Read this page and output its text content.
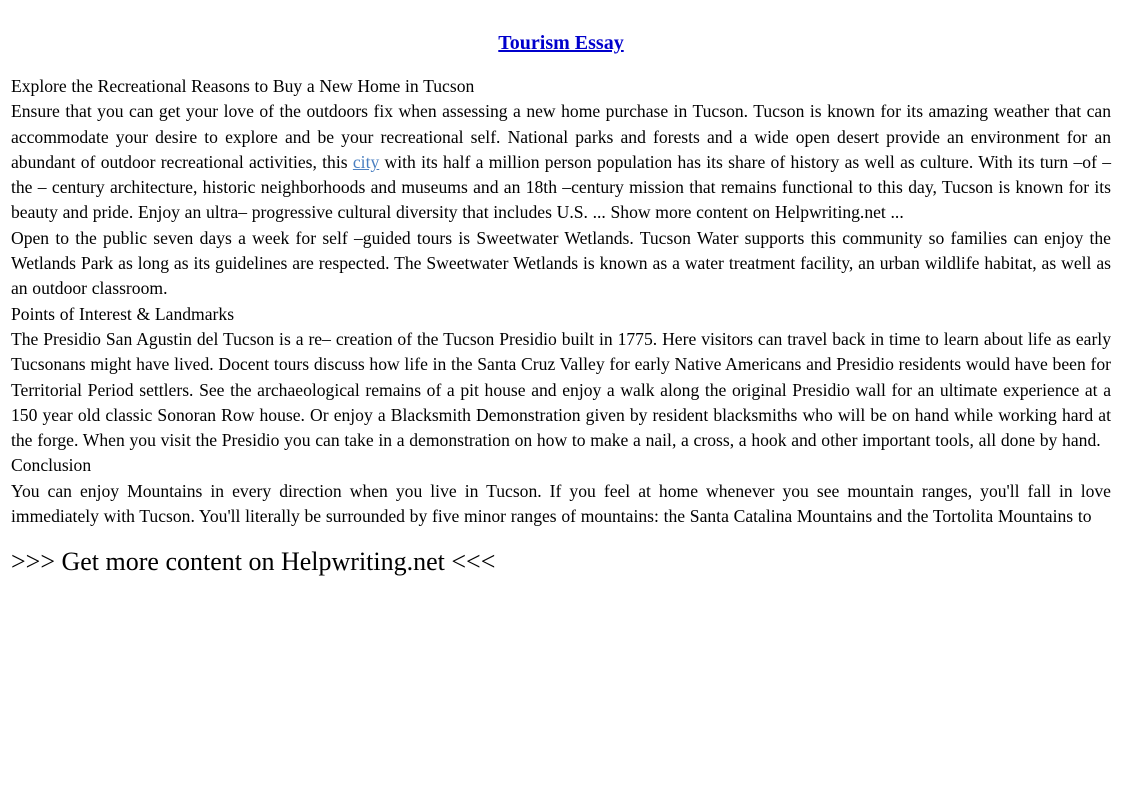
Tourism Essay

Explore the Recreational Reasons to Buy a New Home in Tucson

Ensure that you can get your love of the outdoors fix when assessing a new home purchase in Tucson. Tucson is known for its amazing weather that can accommodate your desire to explore and be your recreational self. National parks and forests and a wide open desert provide an environment for an abundant of outdoor recreational activities, this city with its half a million person population has its share of history as well as culture. With its turn –of –the – century architecture, historic neighborhoods and museums and an 18th –century mission that remains functional to this day, Tucson is known for its beauty and pride. Enjoy an ultra– progressive cultural diversity that includes U.S. ... Show more content on Helpwriting.net ...

Open to the public seven days a week for self –guided tours is Sweetwater Wetlands. Tucson Water supports this community so families can enjoy the Wetlands Park as long as its guidelines are respected. The Sweetwater Wetlands is known as a water treatment facility, an urban wildlife habitat, as well as an outdoor classroom.

Points of Interest & Landmarks

The Presidio San Agustin del Tucson is a re– creation of the Tucson Presidio built in 1775. Here visitors can travel back in time to learn about life as early Tucsonans might have lived. Docent tours discuss how life in the Santa Cruz Valley for early Native Americans and Presidio residents would have been for Territorial Period settlers. See the archaeological remains of a pit house and enjoy a walk along the original Presidio wall for an ultimate experience at a 150 year old classic Sonoran Row house. Or enjoy a Blacksmith Demonstration given by resident blacksmiths who will be on hand while working hard at the forge. When you visit the Presidio you can take in a demonstration on how to make a nail, a cross, a hook and other important tools, all done by hand.

Conclusion

You can enjoy Mountains in every direction when you live in Tucson. If you feel at home whenever you see mountain ranges, you'll fall in love immediately with Tucson. You'll literally be surrounded by five minor ranges of mountains: the Santa Catalina Mountains and the Tortolita Mountains to

>>> Get more content on Helpwriting.net <<<
